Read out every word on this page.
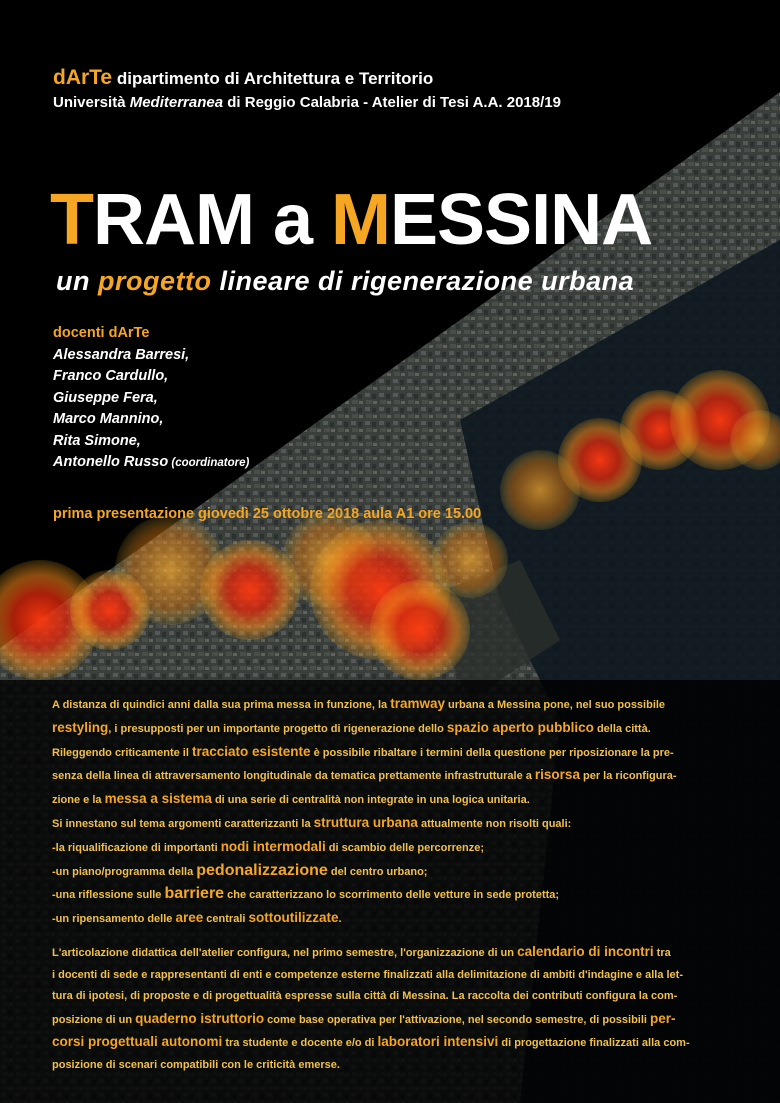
dArTe dipartimento di Architettura e Territorio
Università Mediterranea di Reggio Calabria - Atelier di Tesi A.A. 2018/19
TRAM a MESSINA
un progetto lineare di rigenerazione urbana
docenti dArTe
Alessandra Barresi,
Franco Cardullo,
Giuseppe Fera,
Marco Mannino,
Rita Simone,
Antonello Russo (coordinatore)
prima presentazione giovedì 25 ottobre 2018 aula A1 ore 15.00
A distanza di quindici anni dalla sua prima messa in funzione, la tramway urbana a Messina pone, nel suo possibile
restyling, i presupposti per un importante progetto di rigenerazione dello spazio aperto pubblico della città.
Rileggendo criticamente il tracciato esistente è possibile ribaltare i termini della questione per riposizionare la pre-
senza della linea di attraversamento longitudinale da tematica prettamente infrastrutturale a risorsa per la riconfigura-
zione e la messa a sistema di una serie di centralità non integrate in una logica unitaria.
Si innestano sul tema argomenti caratterizzanti la struttura urbana attualmente non risolti quali:
-la riqualificazione di importanti nodi intermodali di scambio delle percorrenze;
-un piano/programma della pedonalizzazione del centro urbano;
-una riflessione sulle barriere che caratterizzano lo scorrimento delle vetture in sede protetta;
-un ripensamento delle aree centrali sottoutilizzate.
L'articolazione didattica dell'atelier configura, nel primo semestre, l'organizzazione di un calendario di incontri tra
i docenti di sede e rappresentanti di enti e competenze esterne finalizzati alla delimitazione di ambiti d'indagine e alla let-
tura di ipotesi, di proposte e di progettualità espresse sulla città di Messina. La raccolta dei contributi configura la com-
posizione di un quaderno istruttorio come base operativa per l'attivazione, nel secondo semestre, di possibili per-
corsi progettuali autonomi tra studente e docente e/o di laboratori intensivi di progettazione finalizzati alla com-
posizione di scenari compatibili con le criticità emerse.
